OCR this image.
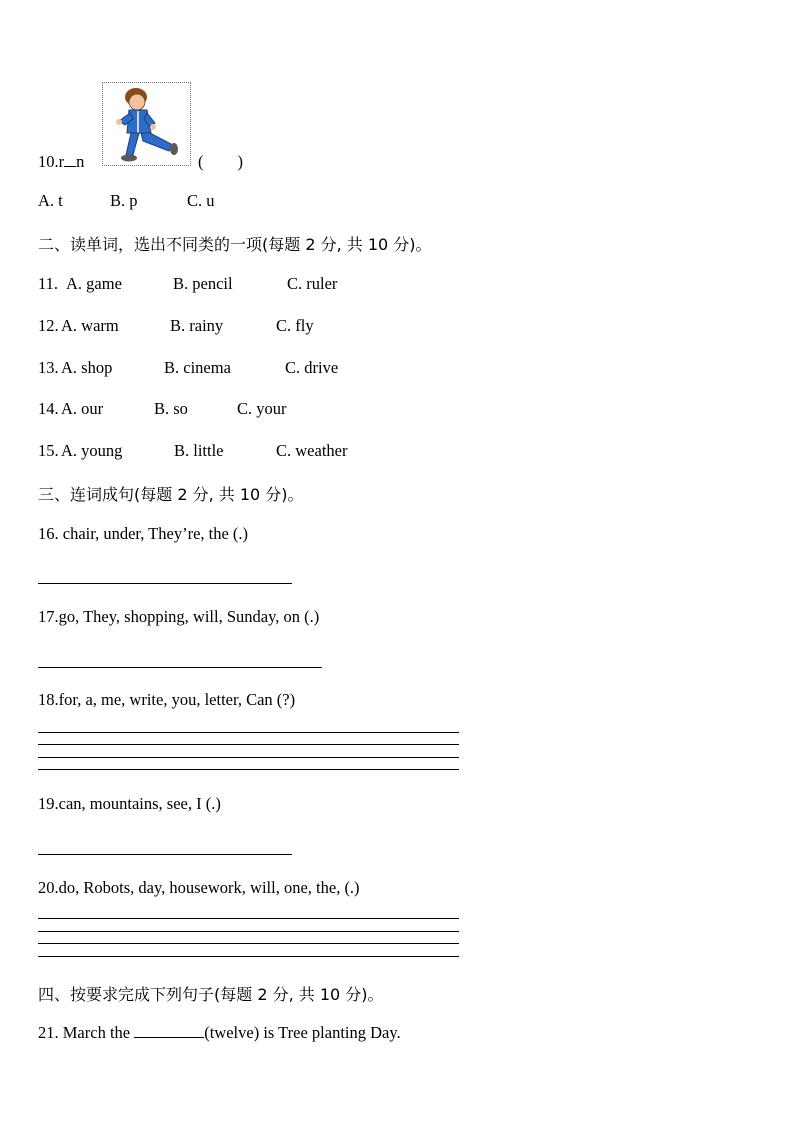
10.r n	( )
A. t	B. p	C. u
二、读单词，选出不同类的一项(每题 2 分, 共 10 分)。
11. A. game	B. pencil	C. ruler
12. A. warm	B. rainy	C. fly
13. A. shop	B. cinema	C. drive
14. A. our	B. so	C. your
15. A. young	B. little	C. weather
三、连词成句(每题 2 分, 共 10 分)。
16. chair, under, They’re, the (.)
17.go, They, shopping, will, Sunday, on (.)
18.for, a, me, write, you, letter, Can (?)
19.can, mountains, see, I (.)
20.do, Robots, day, housework, will, one, the, (.)
四、按要求完成下列句子(每题 2 分, 共 10 分)。
21. March the	(twelve) is Tree planting Day.
